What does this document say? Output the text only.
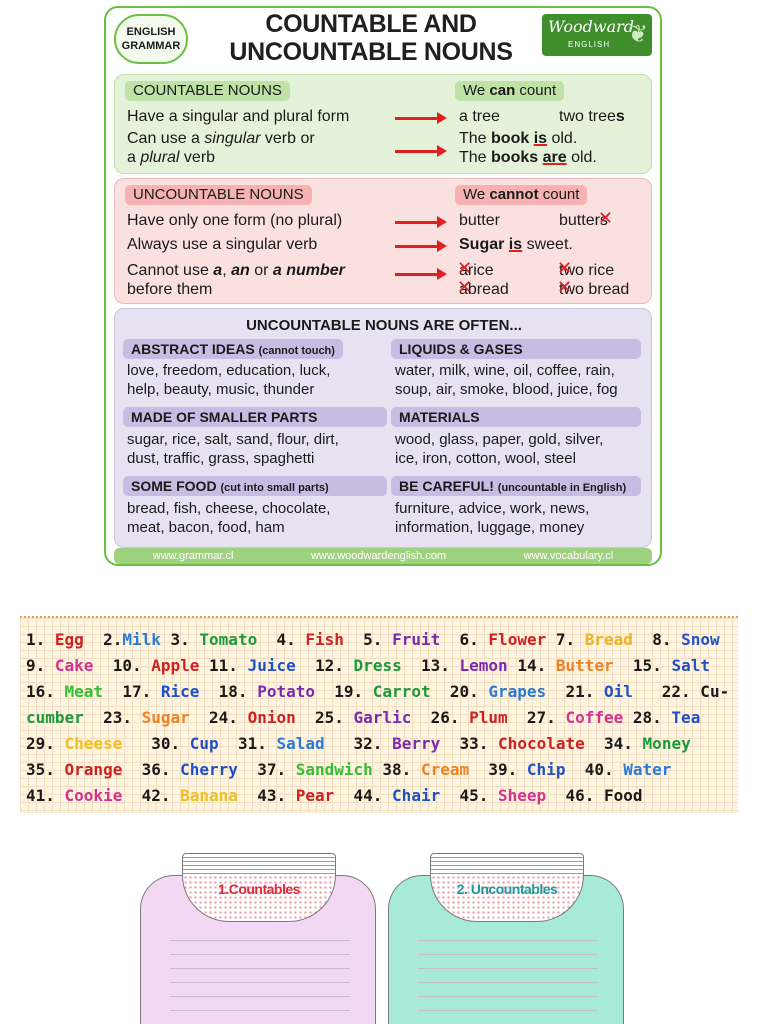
ENGLISH
GRAMMAR
COUNTABLE AND
UNCOUNTABLE NOUNS
Woodward
ENGLISH ❦
COUNTABLE NOUNS	We can count
Have a singular and plural form	a tree	two trees
Can use a singular verb or
a plural verb
The book is old.
The books are old.
UNCOUNTABLE NOUNS	We cannot count
Have only one form (no plural)	butter	butters ✕
Always use a singular verb	Sugar is sweet.
Cannot use a, an or a number
before them
a ✕rice	two ✕ rice
a ✕bread	two ✕ bread
UNCOUNTABLE NOUNS ARE OFTEN...
ABSTRACT IDEAS (cannot touch)
love, freedom, education, luck,
help, beauty, music, thunder
LIQUIDS & GASES
water, milk, wine, oil, coffee, rain,
soup, air, smoke, blood, juice, fog
MADE OF SMALLER PARTS
sugar, rice, salt, sand, flour, dirt,
dust, traffic, grass, spaghetti
MATERIALS
wood, glass, paper, gold, silver,
ice, iron, cotton, wool, steel
SOME FOOD (cut into small parts)
bread, fish, cheese, chocolate,
meat, bacon, food, ham
BE CAREFUL! (uncountable in English)
furniture, advice, work, news,
information, luggage, money
www.grammar.cl	www.woodwardenglish.com	www.vocabulary.cl
1. Egg  2.Milk 3. Tomato  4. Fish  5. Fruit  6. Flower 7. Bread  8. Snow
9. Cake  10. Apple 11. Juice  12. Dress  13. Lemon 14. Butter  15. Salt
16. Meat  17. Rice  18. Potato  19. Carrot  20. Grapes  21. Oil   22. Cu-
cumber  23. Sugar  24. Onion  25. Garlic  26. Plum  27. Coffee 28. Tea
29. Cheese   30. Cup  31. Salad   32. Berry  33. Chocolate  34. Money
35. Orange  36. Cherry  37. Sandwich 38. Cream  39. Chip  40. Water
41. Cookie  42. Banana  43. Pear  44. Chair  45. Sheep  46. Food
1.Countables	2. Uncountables
